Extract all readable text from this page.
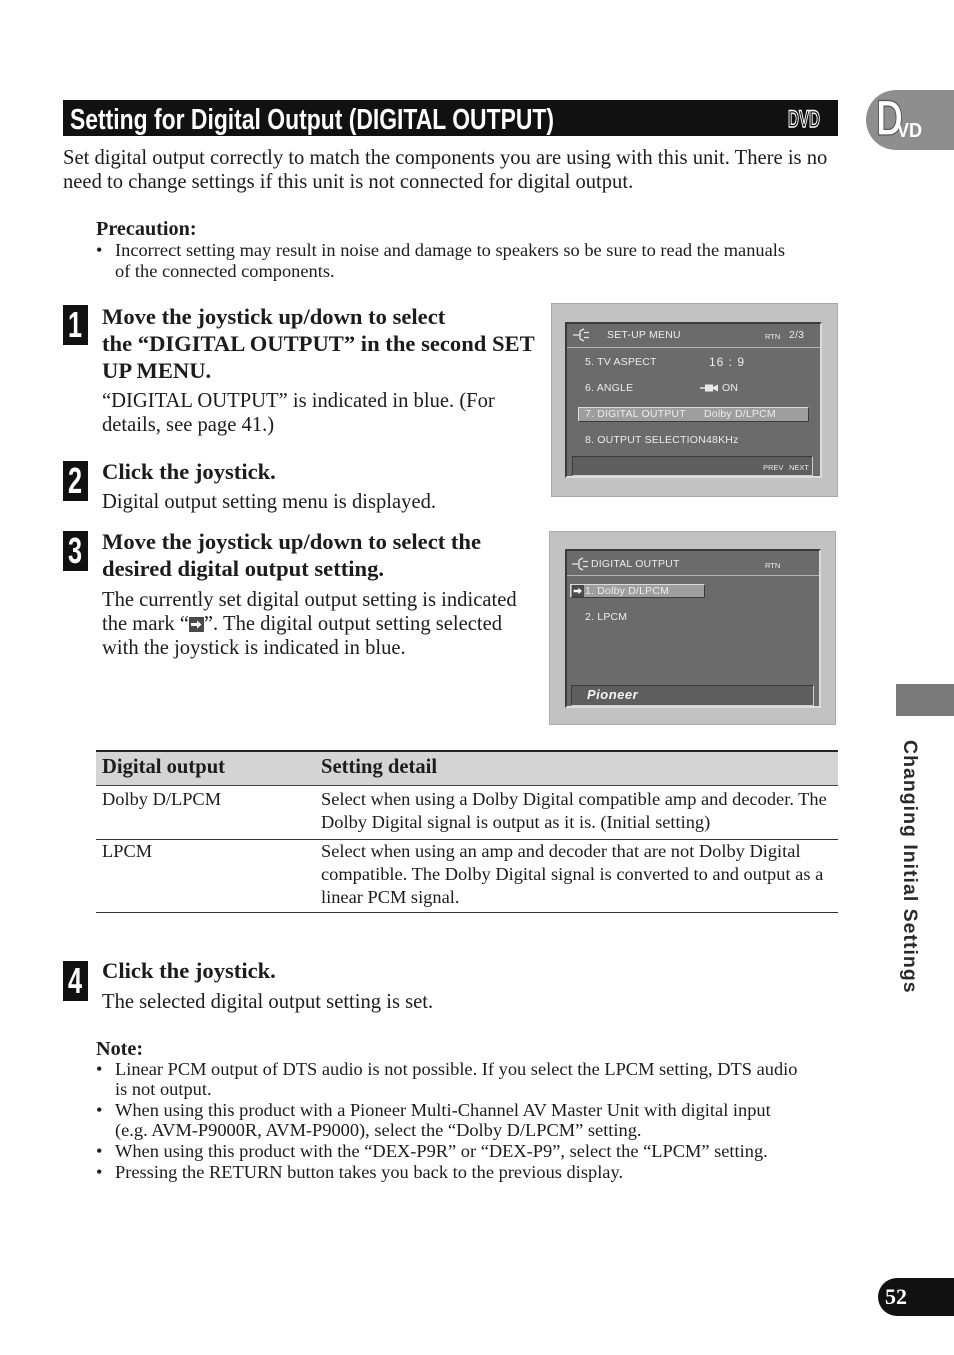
Setting for Digital Output (DIGITAL OUTPUT)	DVD D
VD
Changing Initial Settings
Set digital output correctly to match the components you are using with this unit. There is no
need to change settings if this unit is not connected for digital output.
Precaution:
• Incorrect setting may result in noise and damage to speakers so be sure to read the manuals
of the connected components.
1 Move the joystick up/down to select
the “DIGITAL OUTPUT” in the second SET
UP MENU.
“DIGITAL OUTPUT” is indicated in blue. (For
details, see page 41.)
SET-UP MENU	RTN 2/3
5. TV ASPECT	16 : 9
6. ANGLE	ON
7. DIGITAL OUTPUT Dolby D/LPCM
8. OUTPUT SELECTION 48KHz
PREV NEXT
2 Click the joystick.
Digital output setting menu is displayed.
3 Move the joystick up/down to select the
desired digital output setting.
The currently set digital output setting is indicated
the mark “ ”. The digital output setting selected
with the joystick is indicated in blue.
DIGITAL OUTPUT	RTN
1. Dolby D/LPCM
2. LPCM
Pioneer
Digital output	Setting detail
Dolby D/LPCM	Select when using a Dolby Digital compatible amp and decoder. The
Dolby Digital signal is output as it is. (Initial setting)
LPCM	Select when using an amp and decoder that are not Dolby Digital
compatible. The Dolby Digital signal is converted to and output as a
linear PCM signal.
4 Click the joystick.
The selected digital output setting is set.
Note:
• Linear PCM output of DTS audio is not possible. If you select the LPCM setting, DTS audio
is not output.
• When using this product with a Pioneer Multi-Channel AV Master Unit with digital input
(e.g. AVM-P9000R, AVM-P9000), select the “Dolby D/LPCM” setting.
• When using this product with the “DEX-P9R” or “DEX-P9”, select the “LPCM” setting.
• Pressing the RETURN button takes you back to the previous display.
52
